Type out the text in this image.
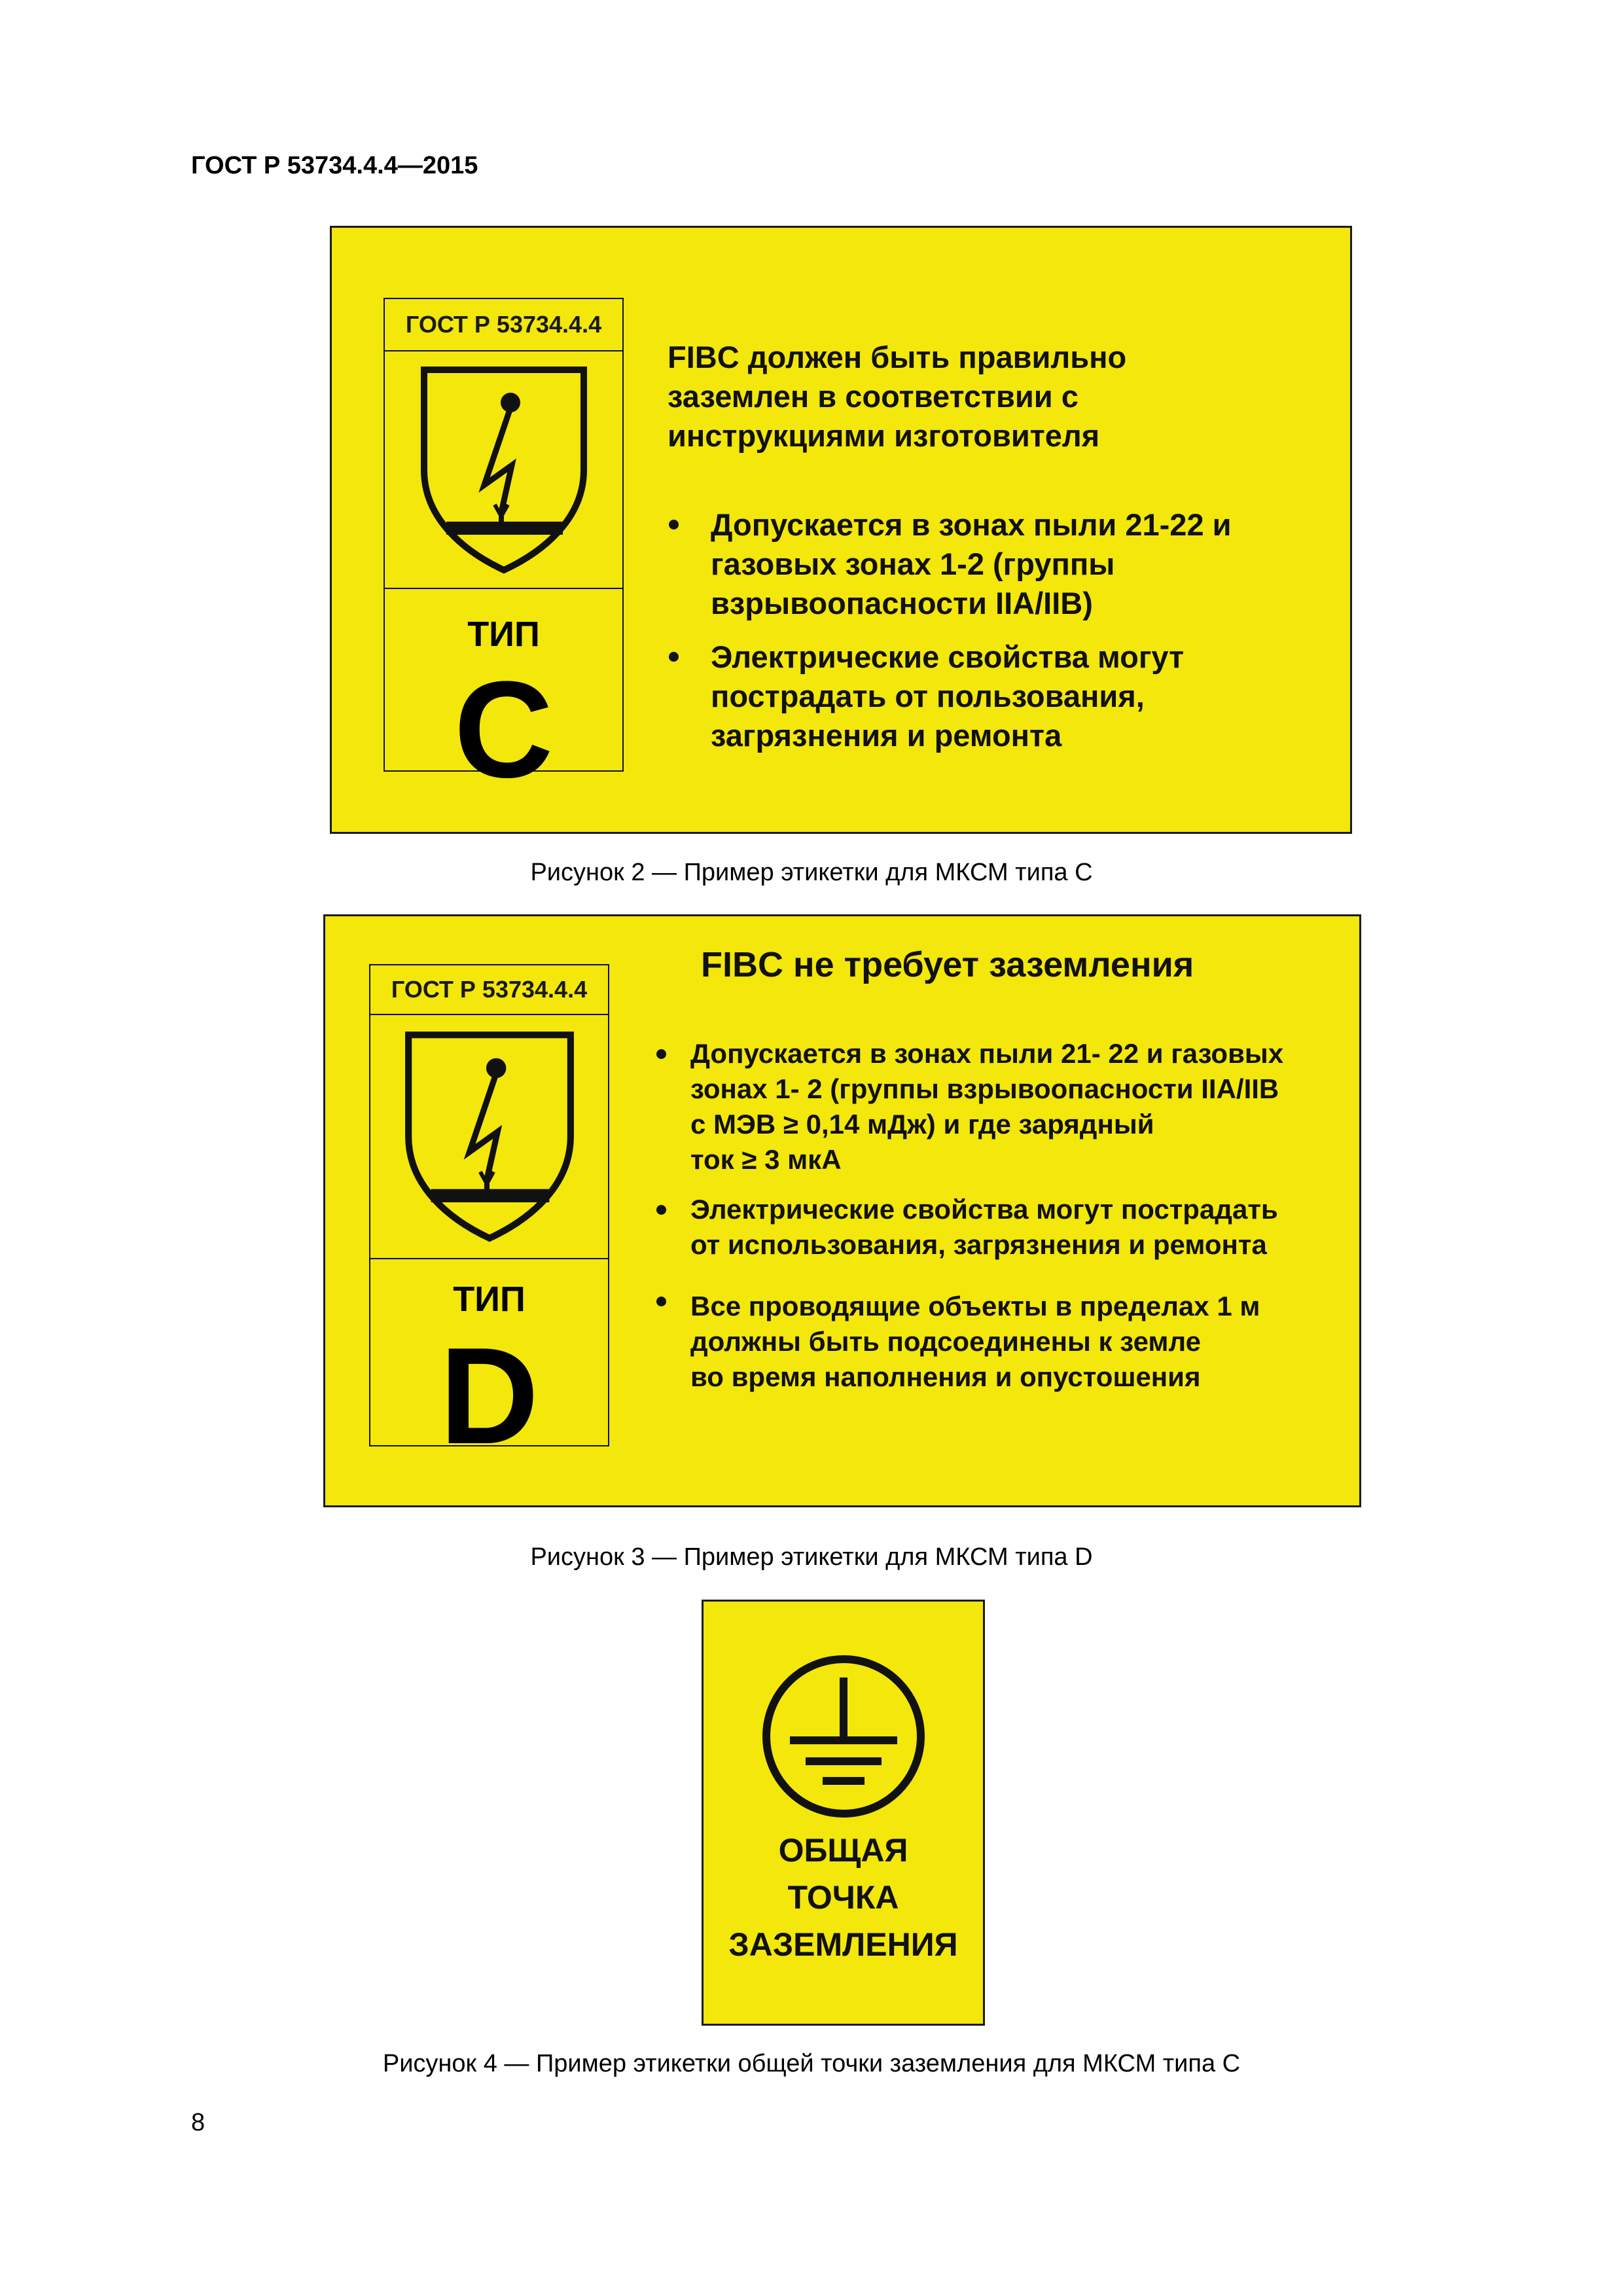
ГОСТ Р 53734.4.4—2015
ГОСТ Р 53734.4.4
ТИП
C
FIBC должен быть правильно
заземлен в соответствии с
инструкциями изготовителя
Допускается в зонах пыли 21-22 и
газовых зонах 1-2 (группы
взрывоопасности IIA/IIB)
Электрические свойства могут
пострадать от пользования,
загрязнения и ремонта
Рисунок 2 — Пример этикетки для МКСМ типа С
ГОСТ Р 53734.4.4
ТИП
D
FIBC не требует заземления
Допускается в зонах пыли 21- 22 и газовых
зонах 1- 2 (группы взрывоопасности IIA/IIB
с МЭВ ≥ 0,14 мДж) и где зарядный
ток ≥ 3 мкА
Электрические свойства могут пострадать
от использования, загрязнения и ремонта
Все проводящие объекты в пределах 1 м
должны быть подсоединены к земле
во время наполнения и опустошения
Рисунок 3 — Пример этикетки для МКСМ типа D
ОБЩАЯ
ТОЧКА
ЗАЗЕМЛЕНИЯ
Рисунок 4 — Пример этикетки общей точки заземления для МКСМ типа С
8
